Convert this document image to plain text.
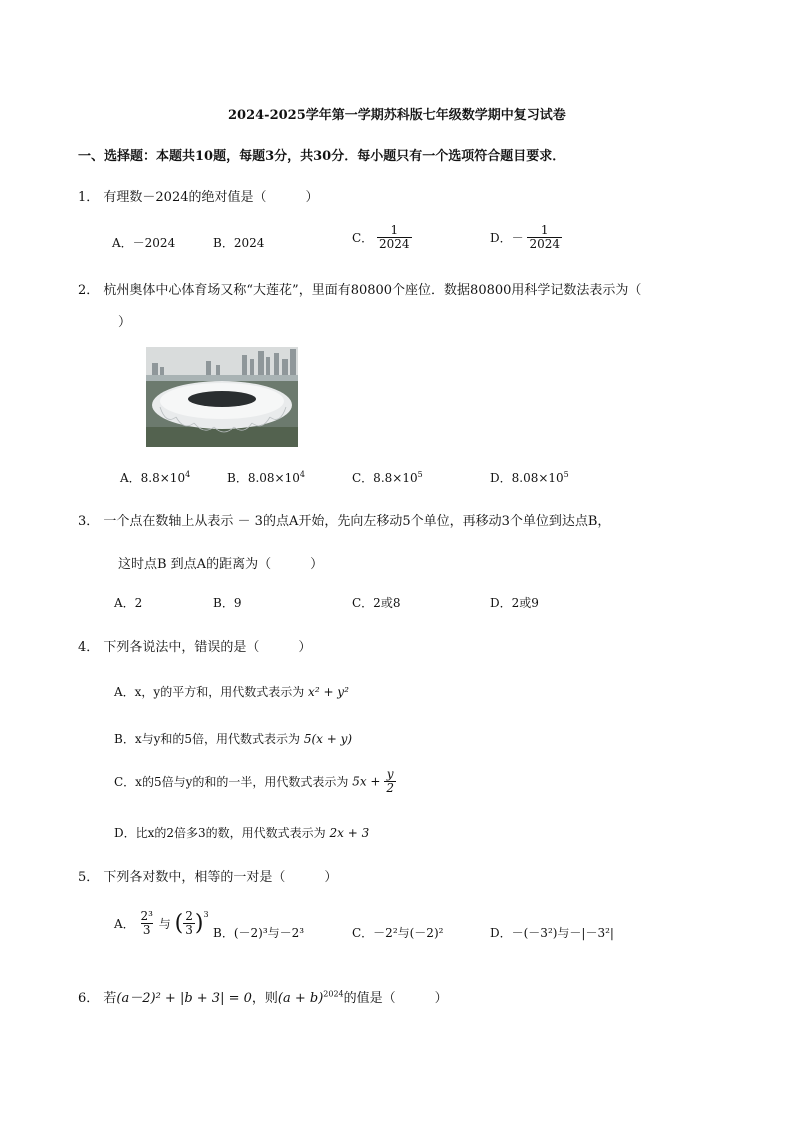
2024-2025学年第一学期苏科版七年级数学期中复习试卷
一、选择题：本题共10题，每题3分，共30分．每小题只有一个选项符合题目要求．
1． 有理数－2024的绝对值是（　　　）
A．－2024	B．2024	C． $\frac{1}{2024}$	D．－ $\frac{1}{2024}$
2． 杭州奥体中心体育场又称“大莲花”，里面有80800个座位．数据80800用科学记数法表示为（
）
A．$8.8\times 10^4$	B．$8.08\times 10^4$	C．$8.8\times 10^5$	D．$8.08\times 10^5$
3． 一个点在数轴上从表示 － 3的点A开始，先向左移动5个单位，再移动3个单位到达点B，
这时点B 到点A的距离为（　　　）
A．2	B．9	C．2或8	D．2或9
4． 下列各说法中，错误的是（　　　）
A．x，y的平方和，用代数式表示为 x² + y²
B．x与y和的5倍，用代数式表示为 5(x + y)
C．x的5倍与y的和的一半，用代数式表示为 $5x + \frac{y}{2}$
D．比x的2倍多3的数，用代数式表示为 2x + 3
5． 下列各对数中，相等的一对是（　　　）
A． $\frac{\text{2³}}{3}$ 与 ( $\frac{2}{3} )^3$
B．(－2)³与－2³	C．－2²与(－2)²	D．－(－3²)与－|－3²|
6． 若(a－2)² + |b + 3| = 0，则$(a + b)^{2024}$的值是（　　　）
